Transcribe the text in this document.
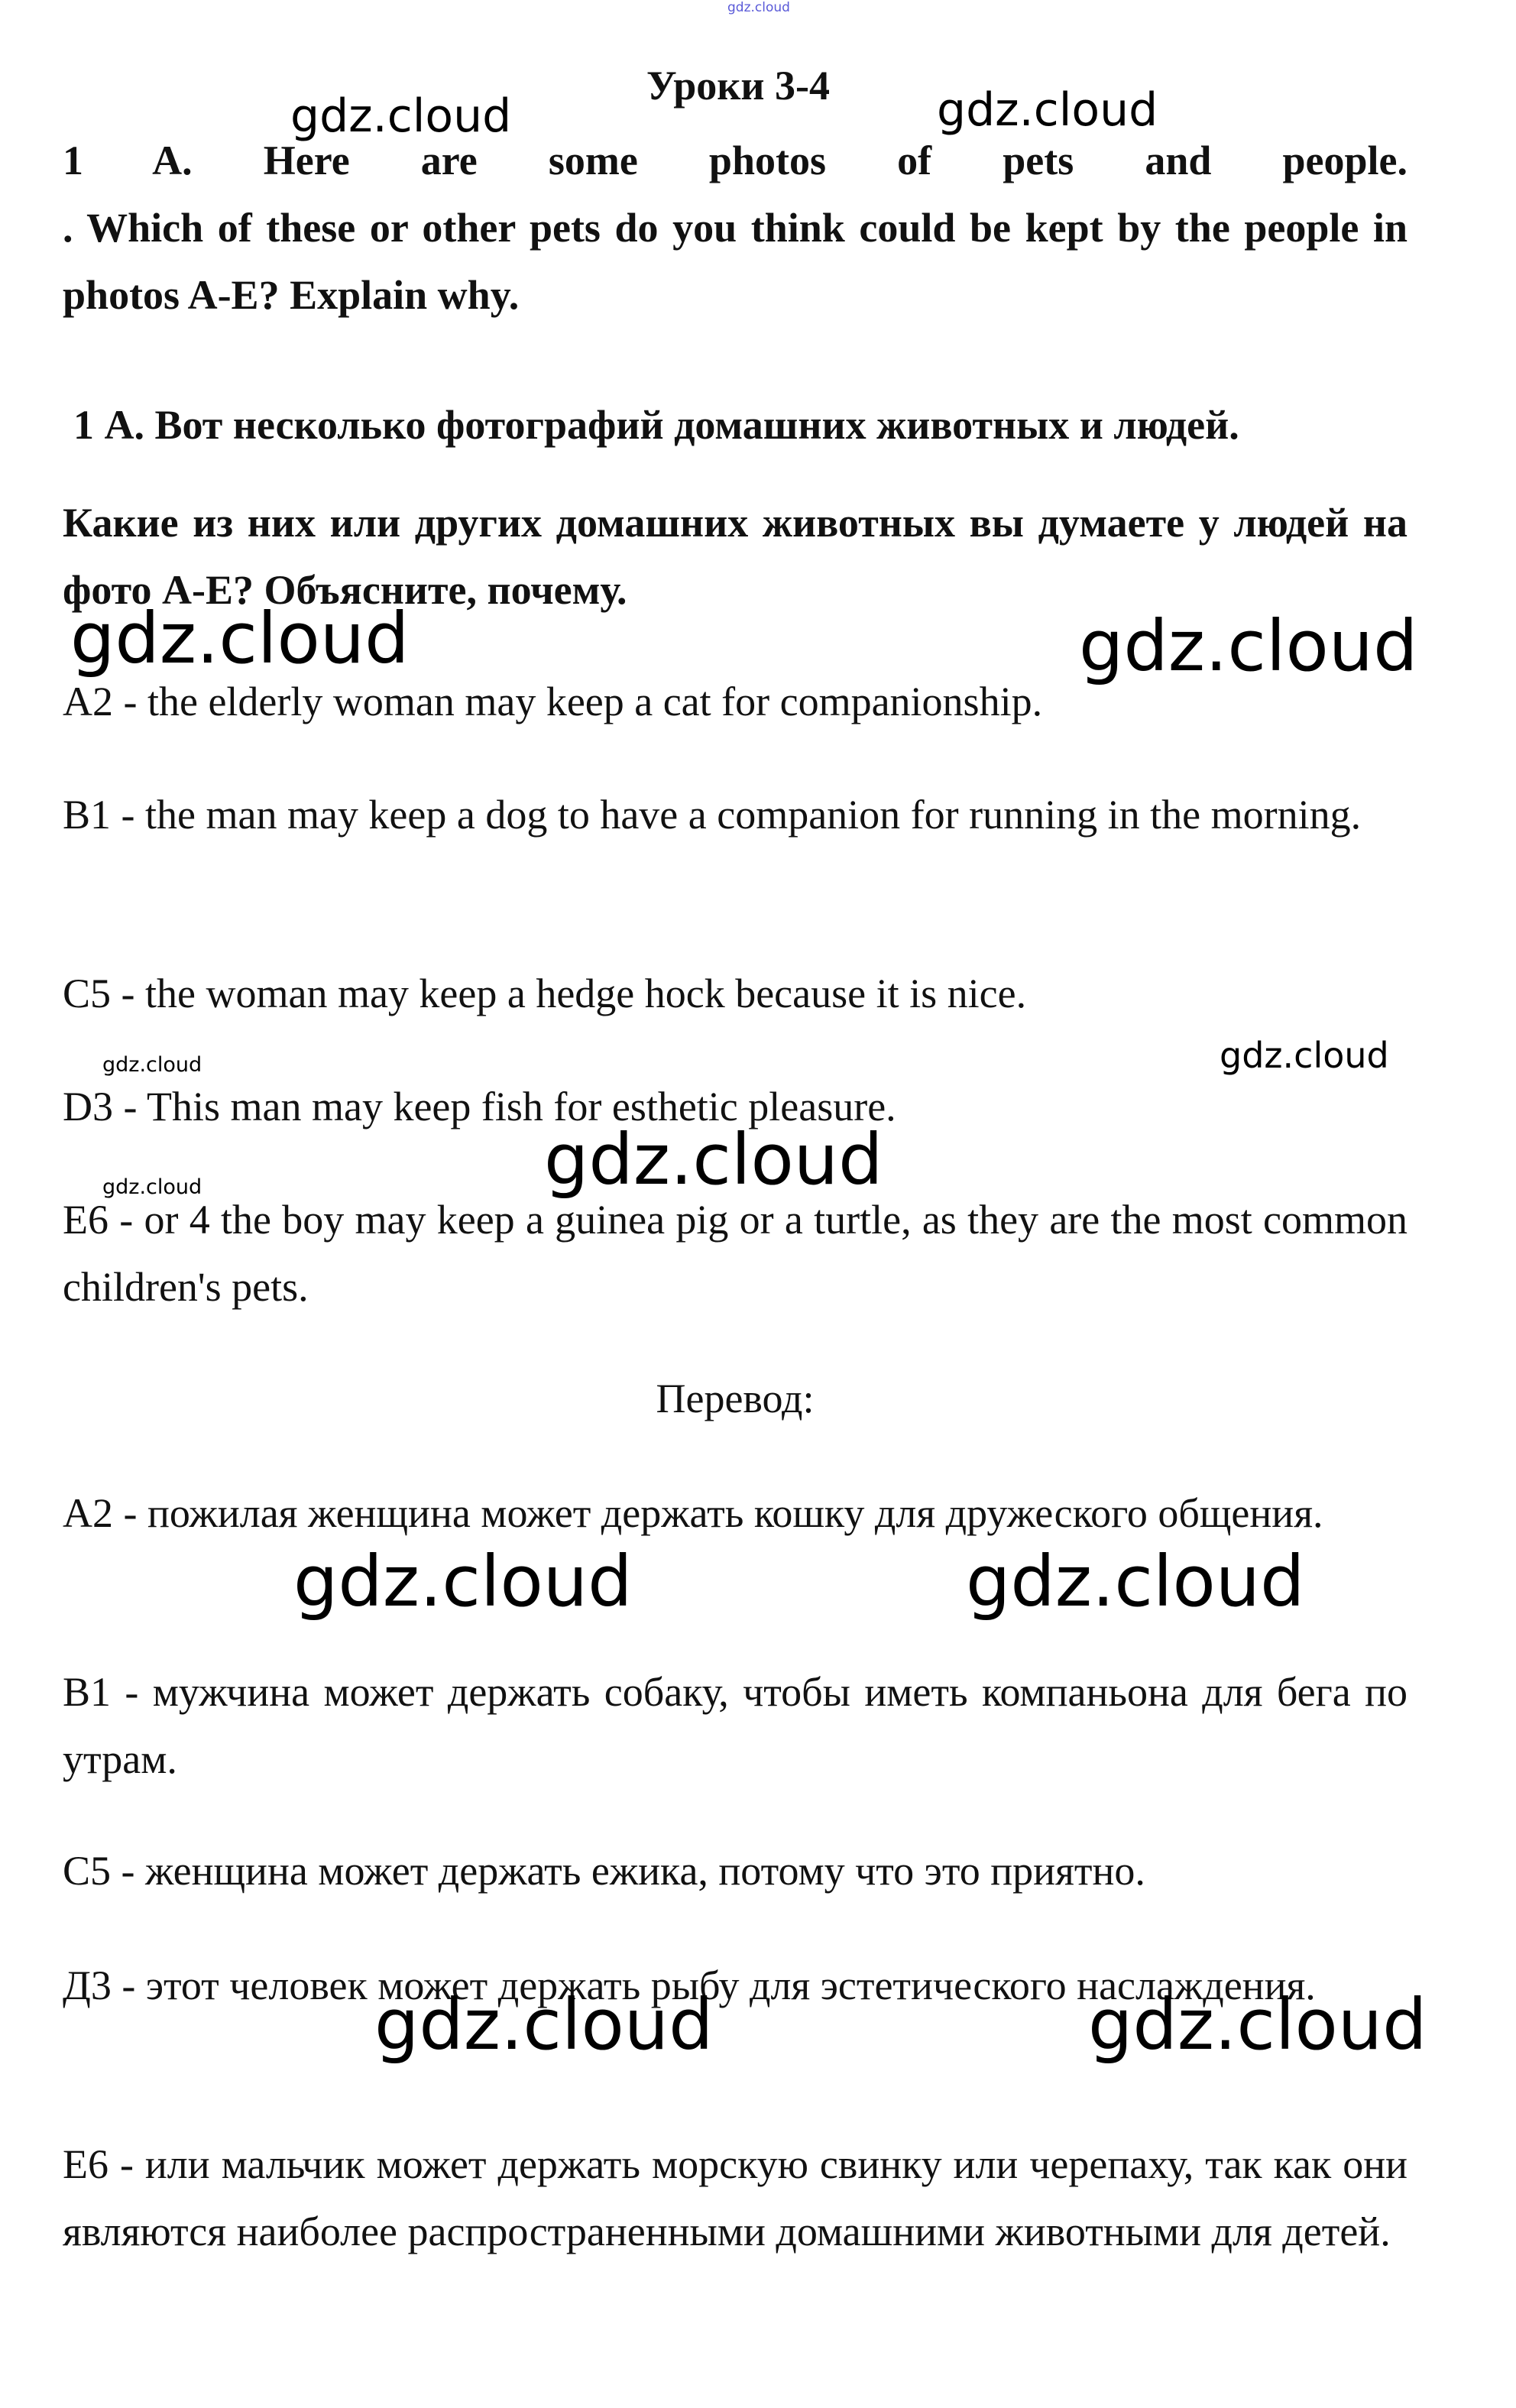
gdz.cloud
Уроки 3-4
1 A. Here are some photos of pets and people.
. Which of these or other pets do you think could be kept by the people in photos A-E? Explain why.
1 А. Вот несколько фотографий домашних животных и людей.
Какие из них или других домашних животных вы думаете у людей на фото A-E? Объясните, почему.
A2 - the elderly woman may keep a cat for companionship.
B1 - the man may keep a dog to have a companion for running in the morning.
C5 - the woman may keep a hedge hock because it is nice.
D3 - This man may keep fish for esthetic pleasure.
E6 - or 4 the boy may keep a guinea pig or a turtle, as they are the most common children's pets.
Перевод:
A2 - пожилая женщина может держать кошку для дружеского общения.
B1 - мужчина может держать собаку, чтобы иметь компаньона для бега по утрам.
C5 - женщина может держать ежика, потому что это приятно.
Д3 - этот человек может держать рыбу для эстетического наслаждения.
E6 - или мальчик может держать морскую свинку или черепаху, так как они являются наиболее распространенными домашними животными для детей.
gdz.cloud	gdz.cloud
gdz.cloud	gdz.cloud
gdz.cloud	gdz.cloud
gdz.cloud
gdz.cloud
gdz.cloud	gdz.cloud
gdz.cloud	gdz.cloud
